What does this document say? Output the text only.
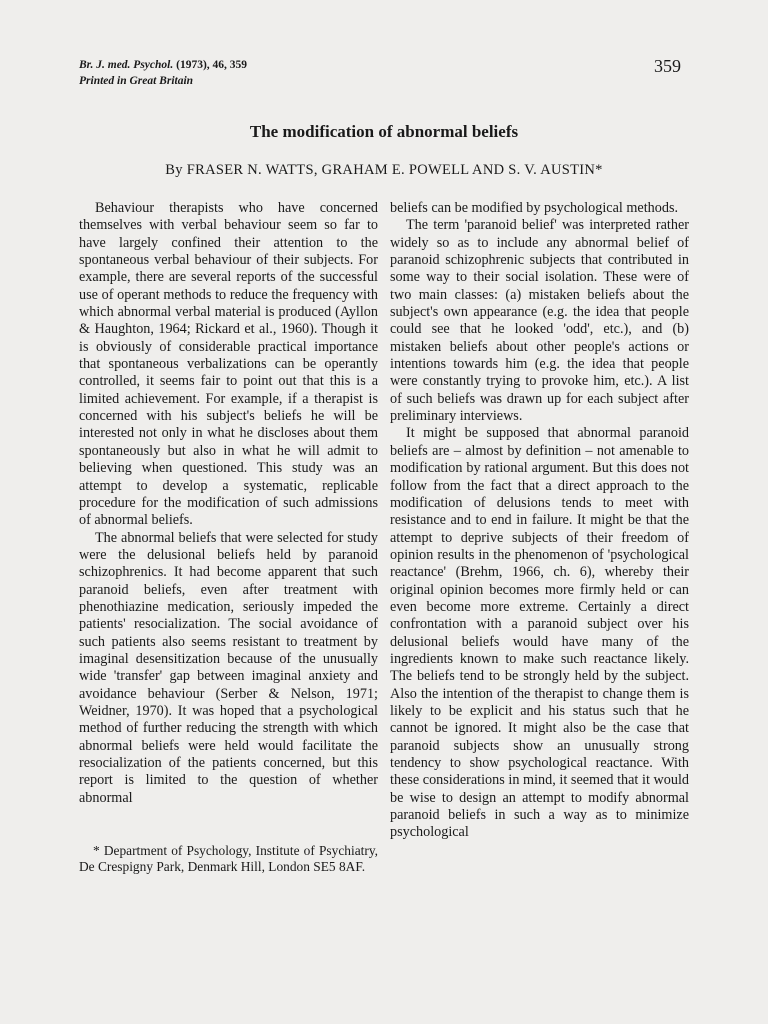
Br. J. med. Psychol. (1973), 46, 359
Printed in Great Britain
359
The modification of abnormal beliefs
By FRASER N. WATTS, GRAHAM E. POWELL AND S. V. AUSTIN*

Behaviour therapists who have concerned themselves with verbal behaviour seem so far to have largely confined their attention to the spontaneous verbal behaviour of their subjects. For example, there are several reports of the successful use of operant methods to reduce the frequency with which abnormal verbal material is produced (Ayllon & Haughton, 1964; Rickard et al., 1960). Though it is obviously of considerable practical importance that spontaneous verbalizations can be operantly controlled, it seems fair to point out that this is a limited achievement. For example, if a therapist is concerned with his subject's beliefs he will be interested not only in what he discloses about them spontaneously but also in what he will admit to believing when questioned. This study was an attempt to develop a systematic, replicable procedure for the modification of such admissions of abnormal beliefs.

The abnormal beliefs that were selected for study were the delusional beliefs held by paranoid schizophrenics. It had become apparent that such paranoid beliefs, even after treatment with phenothiazine medication, seriously impeded the patients' resocialization. The social avoidance of such patients also seems resistant to treatment by imaginal desensitization because of the unusually wide 'transfer' gap between imaginal anxiety and avoidance behaviour (Serber & Nelson, 1971; Weidner, 1970). It was hoped that a psychological method of further reducing the strength with which abnormal beliefs were held would facilitate the resocialization of the patients concerned, but this report is limited to the question of whether abnormal

* Department of Psychology, Institute of Psychiatry, De Crespigny Park, Denmark Hill, London SE5 8AF.

beliefs can be modified by psychological methods.

The term 'paranoid belief' was interpreted rather widely so as to include any abnormal belief of paranoid schizophrenic subjects that contributed in some way to their social isolation. These were of two main classes: (a) mistaken beliefs about the subject's own appearance (e.g. the idea that people could see that he looked 'odd', etc.), and (b) mistaken beliefs about other people's actions or intentions towards him (e.g. the idea that people were constantly trying to provoke him, etc.). A list of such beliefs was drawn up for each subject after preliminary interviews.

It might be supposed that abnormal paranoid beliefs are – almost by definition – not amenable to modification by rational argument. But this does not follow from the fact that a direct approach to the modification of delusions tends to meet with resistance and to end in failure. It might be that the attempt to deprive subjects of their freedom of opinion results in the phenomenon of 'psychological reactance' (Brehm, 1966, ch. 6), whereby their original opinion becomes more firmly held or can even become more extreme. Certainly a direct confrontation with a paranoid subject over his delusional beliefs would have many of the ingredients known to make such reactance likely. The beliefs tend to be strongly held by the subject. Also the intention of the therapist to change them is likely to be explicit and his status such that he cannot be ignored. It might also be the case that paranoid subjects show an unusually strong tendency to show psychological reactance. With these considerations in mind, it seemed that it would be wise to design an attempt to modify abnormal paranoid beliefs in such a way as to minimize psychological
